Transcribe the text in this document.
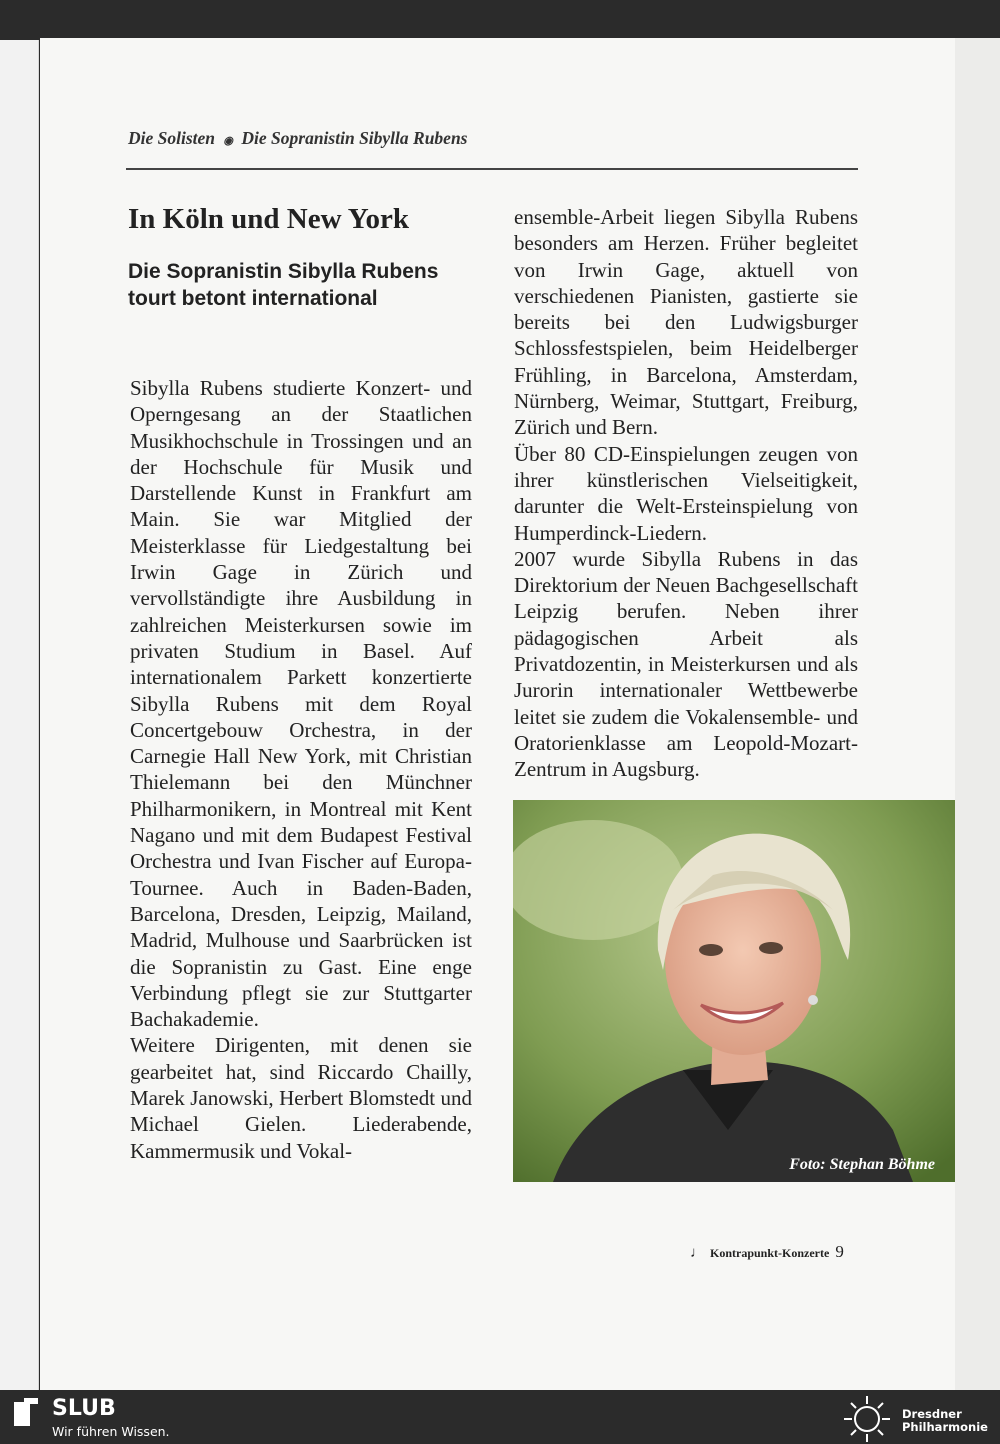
Die Solisten ◉ Die Sopranistin Sibylla Rubens
In Köln und New York
Die Sopranistin Sibylla Rubens tourt betont international

Sibylla Rubens studierte Konzert- und Operngesang an der Staatlichen Musikhochschule in Trossingen und an der Hochschule für Musik und Darstellende Kunst in Frankfurt am Main. Sie war Mitglied der Meisterklasse für Liedgestaltung bei Irwin Gage in Zürich und vervollständigte ihre Ausbildung in zahlreichen Meisterkursen sowie im privaten Studium in Basel. Auf internationalem Parkett konzertierte Sibylla Rubens mit dem Royal Concertgebouw Orchestra, in der Carnegie Hall New York, mit Christian Thielemann bei den Münchner Philharmonikern, in Montreal mit Kent Nagano und mit dem Budapest Festival Orchestra und Ivan Fischer auf Europa-Tournee. Auch in Baden-Baden, Barcelona, Dresden, Leipzig, Mailand, Madrid, Mulhouse und Saarbrücken ist die Sopranistin zu Gast. Eine enge Verbindung pflegt sie zur Stuttgarter Bachakademie.

Weitere Dirigenten, mit denen sie gearbeitet hat, sind Riccardo Chailly, Marek Janowski, Herbert Blomstedt und Michael Gielen. Liederabende, Kammermusik und Vokal-

ensemble-Arbeit liegen Sibylla Rubens besonders am Herzen. Früher begleitet von Irwin Gage, aktuell von verschiedenen Pianisten, gastierte sie bereits bei den Ludwigsburger Schlossfestspielen, beim Heidelberger Frühling, in Barcelona, Amsterdam, Nürnberg, Weimar, Stuttgart, Freiburg, Zürich und Bern.

Über 80 CD-Einspielungen zeugen von ihrer künstlerischen Vielseitigkeit, darunter die Welt-Ersteinspielung von Humperdinck-Liedern.

2007 wurde Sibylla Rubens in das Direktorium der Neuen Bachgesellschaft Leipzig berufen. Neben ihrer pädagogischen Arbeit als Privatdozentin, in Meisterkursen und als Jurorin internationaler Wettbewerbe leitet sie zudem die Vokalensemble- und Oratorienklasse am Leopold-Mozart-Zentrum in Augsburg.

Foto: Stephan Böhme
♩ Kontrapunkt-Konzerte 9
SLUB
Wir führen Wissen.
Dresdner
Philharmonie
